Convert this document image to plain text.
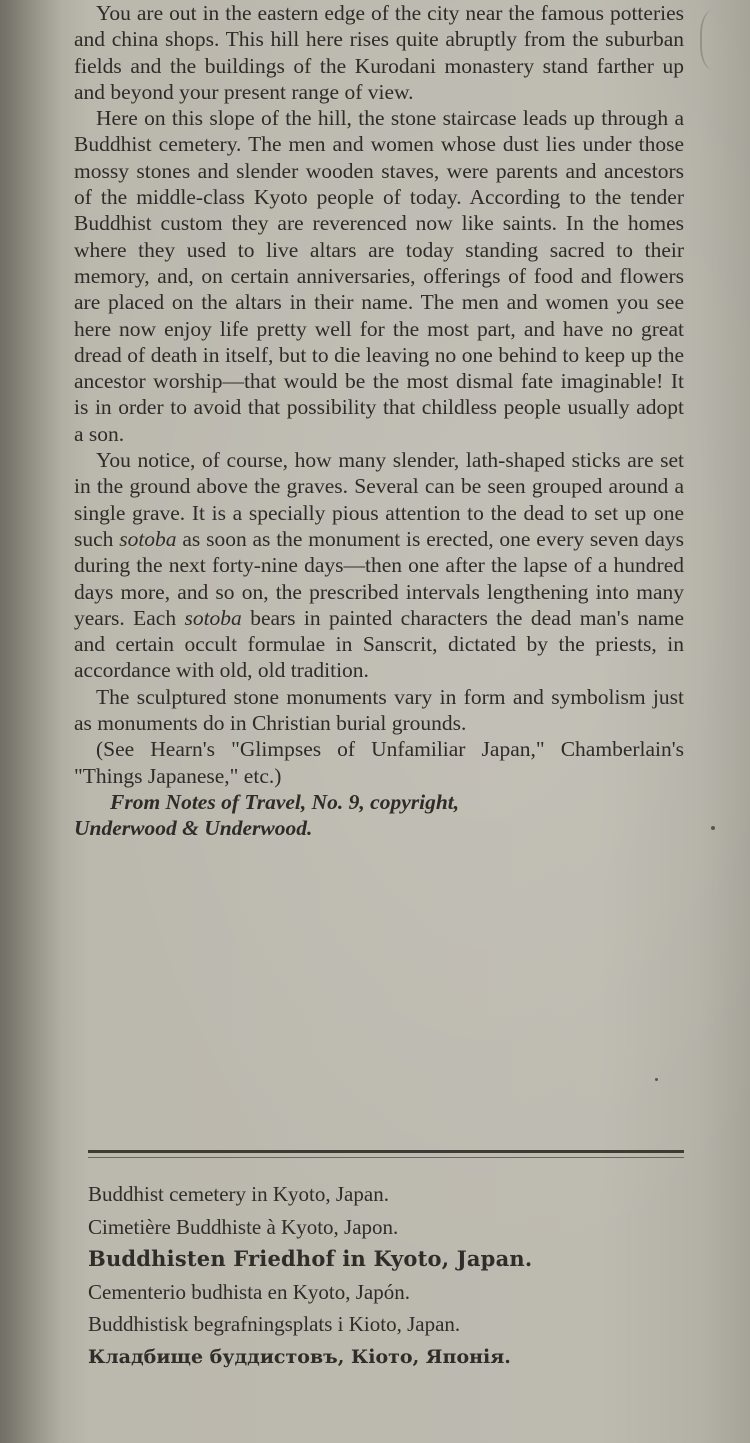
You are out in the eastern edge of the city near the famous potteries and china shops. This hill here rises quite abruptly from the suburban fields and the buildings of the Kurodani monastery stand farther up and beyond your present range of view.

Here on this slope of the hill, the stone staircase leads up through a Buddhist cemetery. The men and women whose dust lies under those mossy stones and slender wooden staves, were parents and ancestors of the middle-class Kyoto people of today. According to the tender Buddhist custom they are reverenced now like saints. In the homes where they used to live altars are today standing sacred to their memory, and, on certain anniversaries, offerings of food and flowers are placed on the altars in their name. The men and women you see here now enjoy life pretty well for the most part, and have no great dread of death in itself, but to die leaving no one behind to keep up the ancestor worship—that would be the most dismal fate imaginable! It is in order to avoid that possibility that childless people usually adopt a son.

You notice, of course, how many slender, lath-shaped sticks are set in the ground above the graves. Several can be seen grouped around a single grave. It is a specially pious attention to the dead to set up one such sotoba as soon as the monument is erected, one every seven days during the next forty-nine days—then one after the lapse of a hundred days more, and so on, the prescribed intervals lengthening into many years. Each sotoba bears in painted characters the dead man's name and certain occult formulae in Sanscrit, dictated by the priests, in accordance with old, old tradition.

The sculptured stone monuments vary in form and symbolism just as monuments do in Christian burial grounds.

(See Hearn's "Glimpses of Unfamiliar Japan," Chamberlain's "Things Japanese," etc.)

From Notes of Travel, No. 9, copyright,
Underwood & Underwood.

Buddhist cemetery in Kyoto, Japan.
Cimetière Buddhiste à Kyoto, Japon.
Buddhisten Friedhof in Kyoto, Japan.
Cementerio budhista en Kyoto, Japón.
Buddhistisk begrafningsplats i Kioto, Japan.
Кладбище буддистовъ, Кіото, Японія.
